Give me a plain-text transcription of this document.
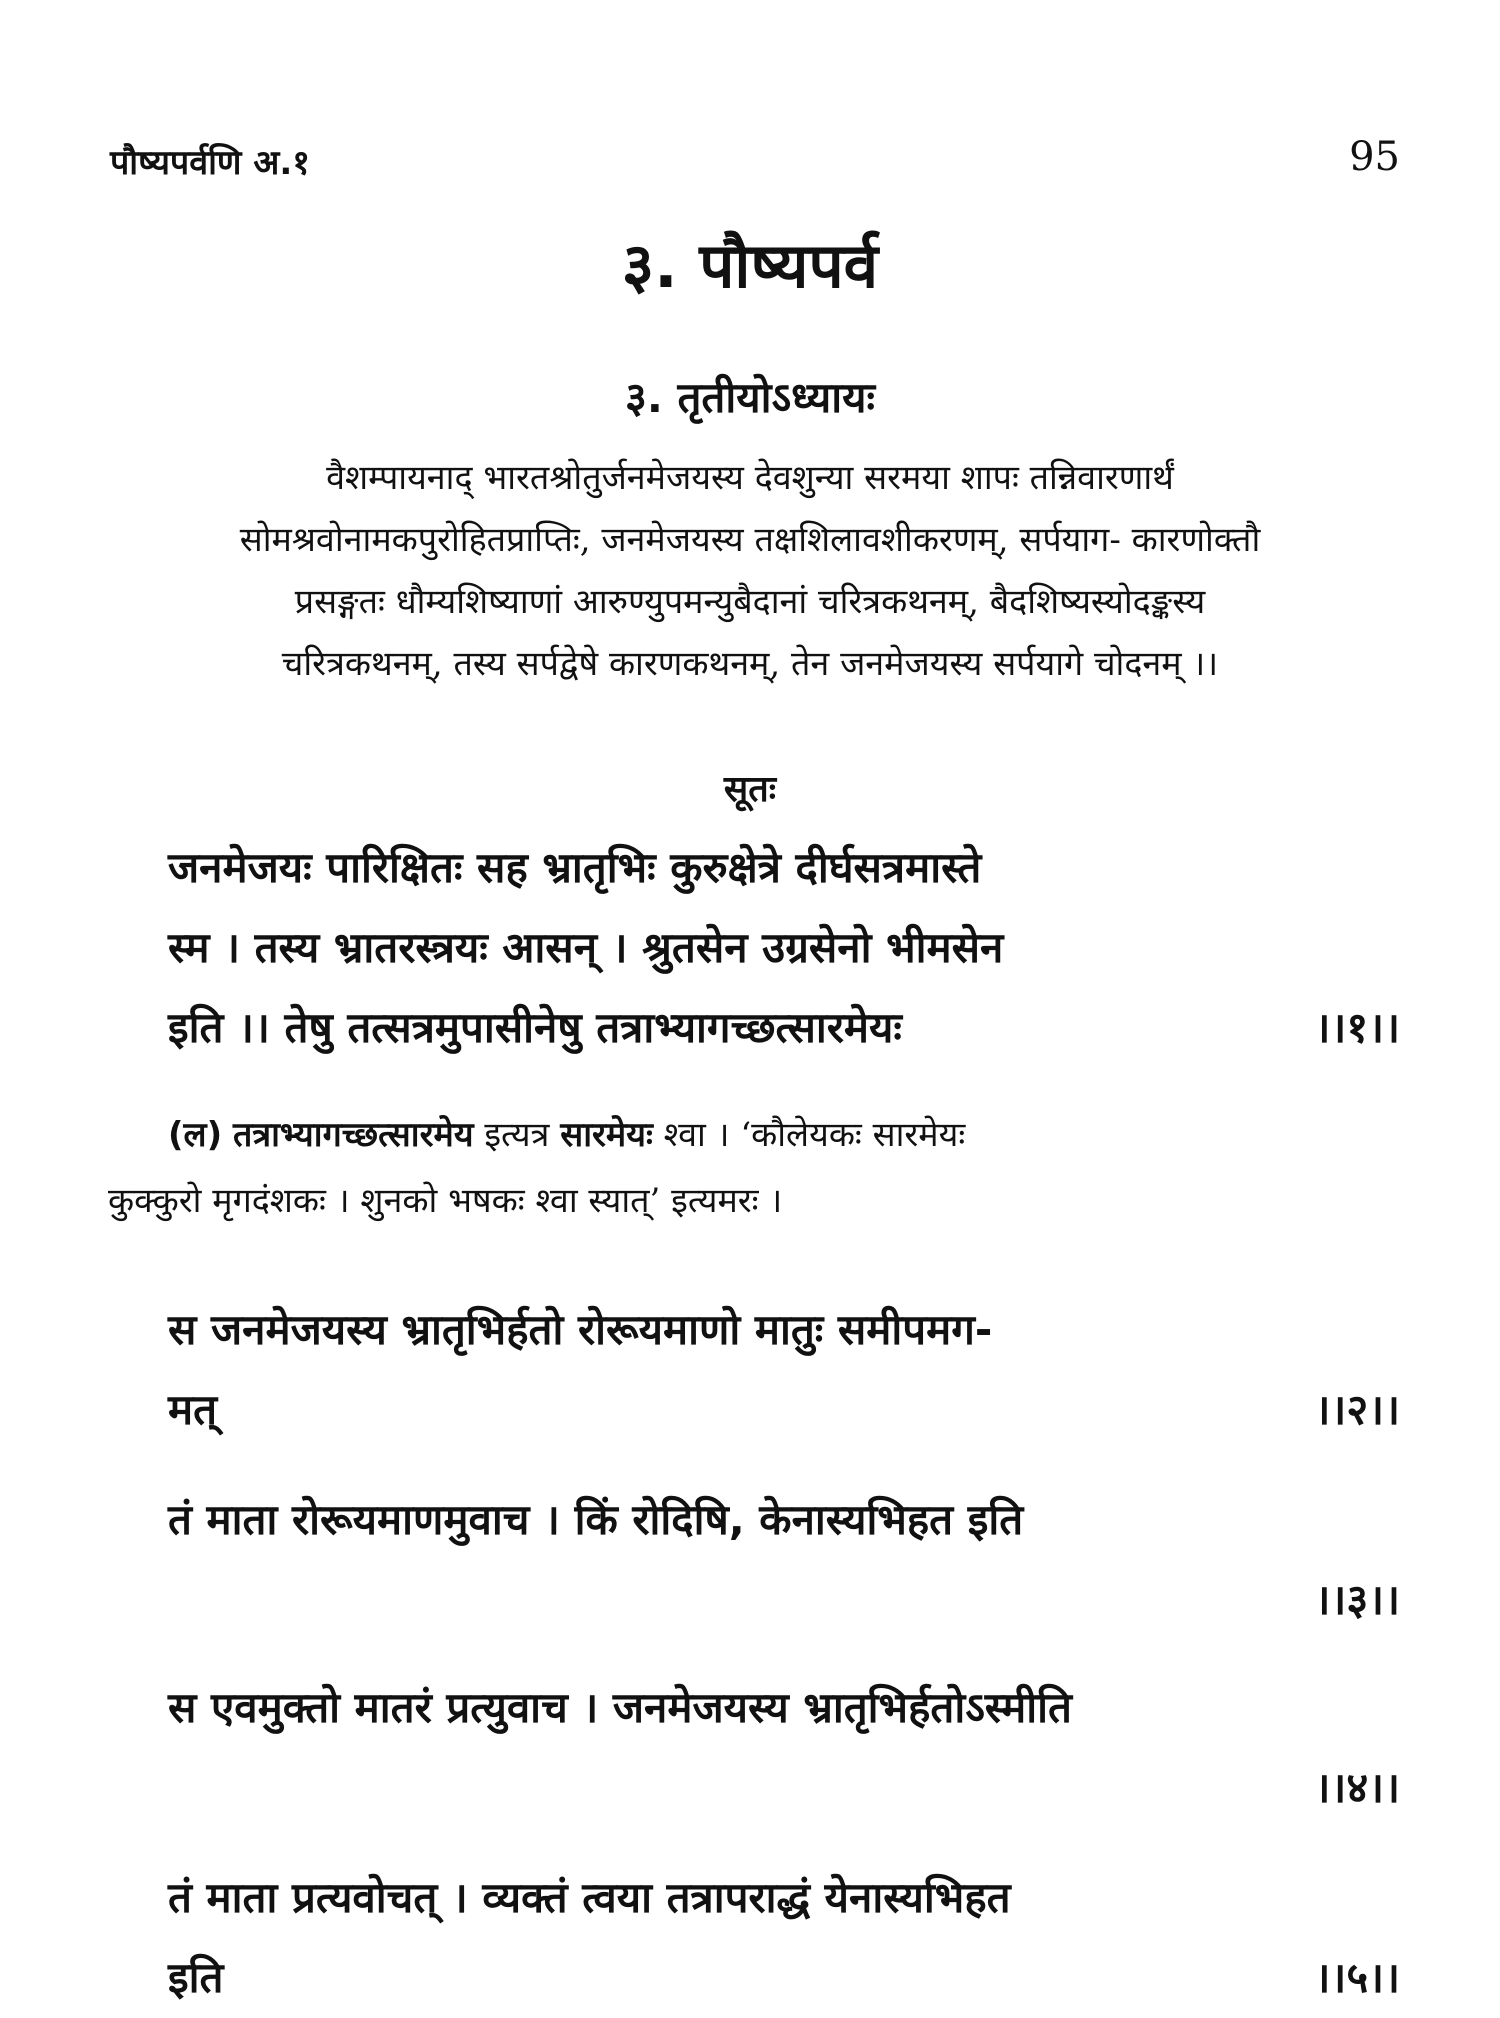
पौष्यपर्वणि अ.१	95
३. पौष्यपर्व
३. तृतीयोऽध्यायः
वैशम्पायनाद् भारतश्रोतुर्जनमेजयस्य देवशुन्या सरमया शापः तन्निवारणार्थं
सोमश्रवोनामकपुरोहितप्राप्तिः, जनमेजयस्य तक्षशिलावशीकरणम्, सर्पयाग- कारणोक्तौ
प्रसङ्गतः धौम्यशिष्याणां आरुण्युपमन्युबैदानां चरित्रकथनम्, बैदशिष्यस्योदङ्कस्य
चरित्रकथनम्, तस्य सर्पद्वेषे कारणकथनम्, तेन जनमेजयस्य सर्पयागे चोदनम् ।।
सूतः
जनमेजयः पारिक्षितः सह भ्रातृभिः कुरुक्षेत्रे दीर्घसत्रमास्ते
स्म । तस्य भ्रातरस्त्रयः आसन् । श्रुतसेन उग्रसेनो भीमसेन
इति ।। तेषु तत्सत्रमुपासीनेषु तत्राभ्यागच्छत्सारमेयः	।।१।।
(ल) तत्राभ्यागच्छत्सारमेय इत्यत्र सारमेयः श्वा । ‘कौलेयकः सारमेयः
कुक्कुरो मृगदंशकः । शुनको भषकः श्वा स्यात्’ इत्यमरः ।
स जनमेजयस्य भ्रातृभिर्हतो रोरूयमाणो मातुः समीपमग-
मत्	।।२।।
तं माता रोरूयमाणमुवाच । किं रोदिषि, केनास्यभिहत इति
।।३।।
स एवमुक्तो मातरं प्रत्युवाच । जनमेजयस्य भ्रातृभिर्हतोऽस्मीति
।।४।।
तं माता प्रत्यवोचत् । व्यक्तं त्वया तत्रापराद्धं येनास्यभिहत
इति	।।५।।
